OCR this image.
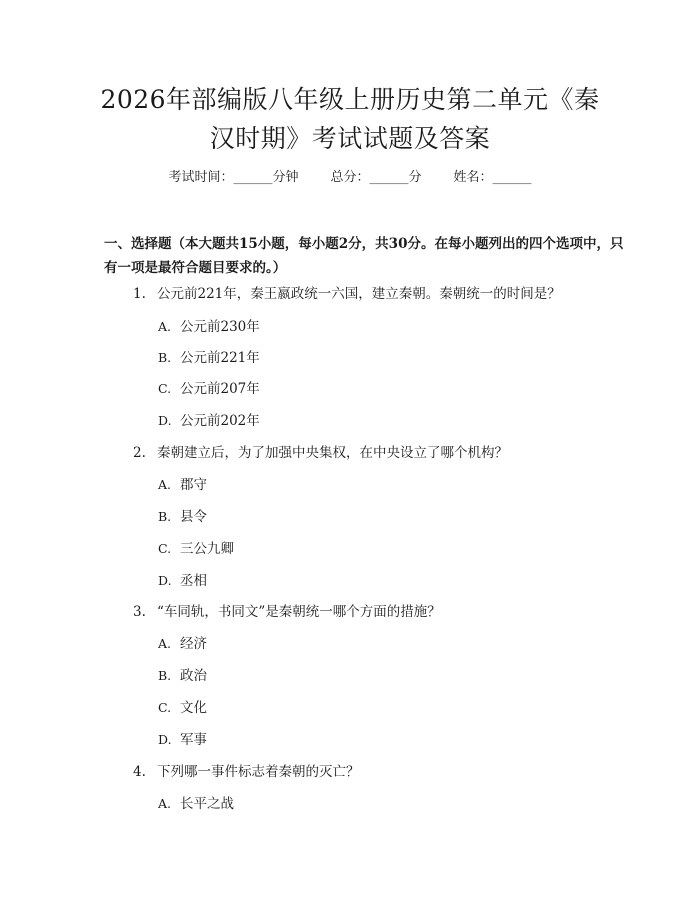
2026年部编版八年级上册历史第二单元《秦
汉时期》考试试题及答案
考试时间：______分钟 总分：______分 姓名：______
一、选择题（本大题共15小题，每小题2分，共30分。在每小题列出的四个选项中，只有一项是最符合题目要求的。）
1. 公元前221年，秦王嬴政统一六国，建立秦朝。秦朝统一的时间是？
A. 公元前230年
B. 公元前221年
C. 公元前207年
D. 公元前202年
2. 秦朝建立后，为了加强中央集权，在中央设立了哪个机构？
A. 郡守
B. 县令
C. 三公九卿
D. 丞相
3. “车同轨，书同文”是秦朝统一哪个方面的措施？
A. 经济
B. 政治
C. 文化
D. 军事
4. 下列哪一事件标志着秦朝的灭亡？
A. 长平之战
